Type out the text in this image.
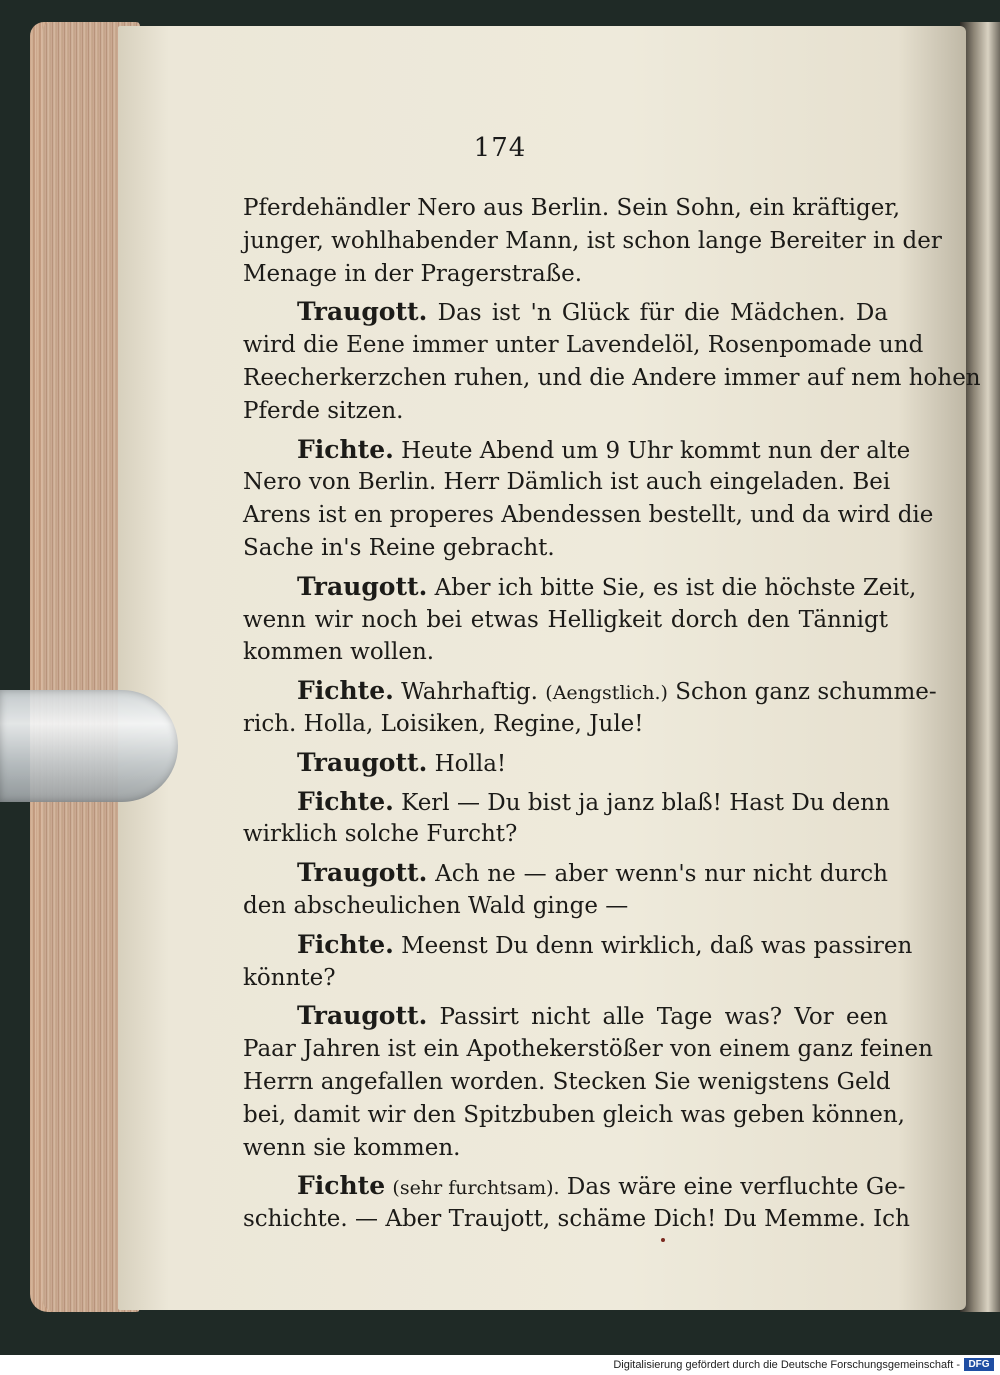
174
Pferdehändler Nero aus Berlin. Sein Sohn, ein kräftiger,
junger, wohlhabender Mann, ist schon lange Bereiter in der
Menage in der Pragerstraße.
Traugott. Das ist 'n Glück für die Mädchen. Da
wird die Eene immer unter Lavendelöl, Rosenpomade und
Reecherkerzchen ruhen, und die Andere immer auf nem hohen
Pferde sitzen.
Fichte. Heute Abend um 9 Uhr kommt nun der alte
Nero von Berlin. Herr Dämlich ist auch eingeladen. Bei
Arens ist en properes Abendessen bestellt, und da wird die
Sache in's Reine gebracht.
Traugott. Aber ich bitte Sie, es ist die höchste Zeit,
wenn wir noch bei etwas Helligkeit dorch den Tännigt
kommen wollen.
Fichte. Wahrhaftig. (Aengstlich.) Schon ganz schumme-
rich. Holla, Loisiken, Regine, Jule!
Traugott. Holla!
Fichte. Kerl — Du bist ja janz blaß! Hast Du denn
wirklich solche Furcht?
Traugott. Ach ne — aber wenn's nur nicht durch
den abscheulichen Wald ginge —
Fichte. Meenst Du denn wirklich, daß was passiren
könnte?
Traugott. Passirt nicht alle Tage was? Vor een
Paar Jahren ist ein Apothekerstößer von einem ganz feinen
Herrn angefallen worden. Stecken Sie wenigstens Geld
bei, damit wir den Spitzbuben gleich was geben können,
wenn sie kommen.
Fichte (sehr furchtsam). Das wäre eine verfluchte Ge-
schichte. — Aber Traujott, schäme Dich! Du Memme. Ich
Digitalisierung gefördert durch die Deutsche Forschungsgemeinschaft - DFG
